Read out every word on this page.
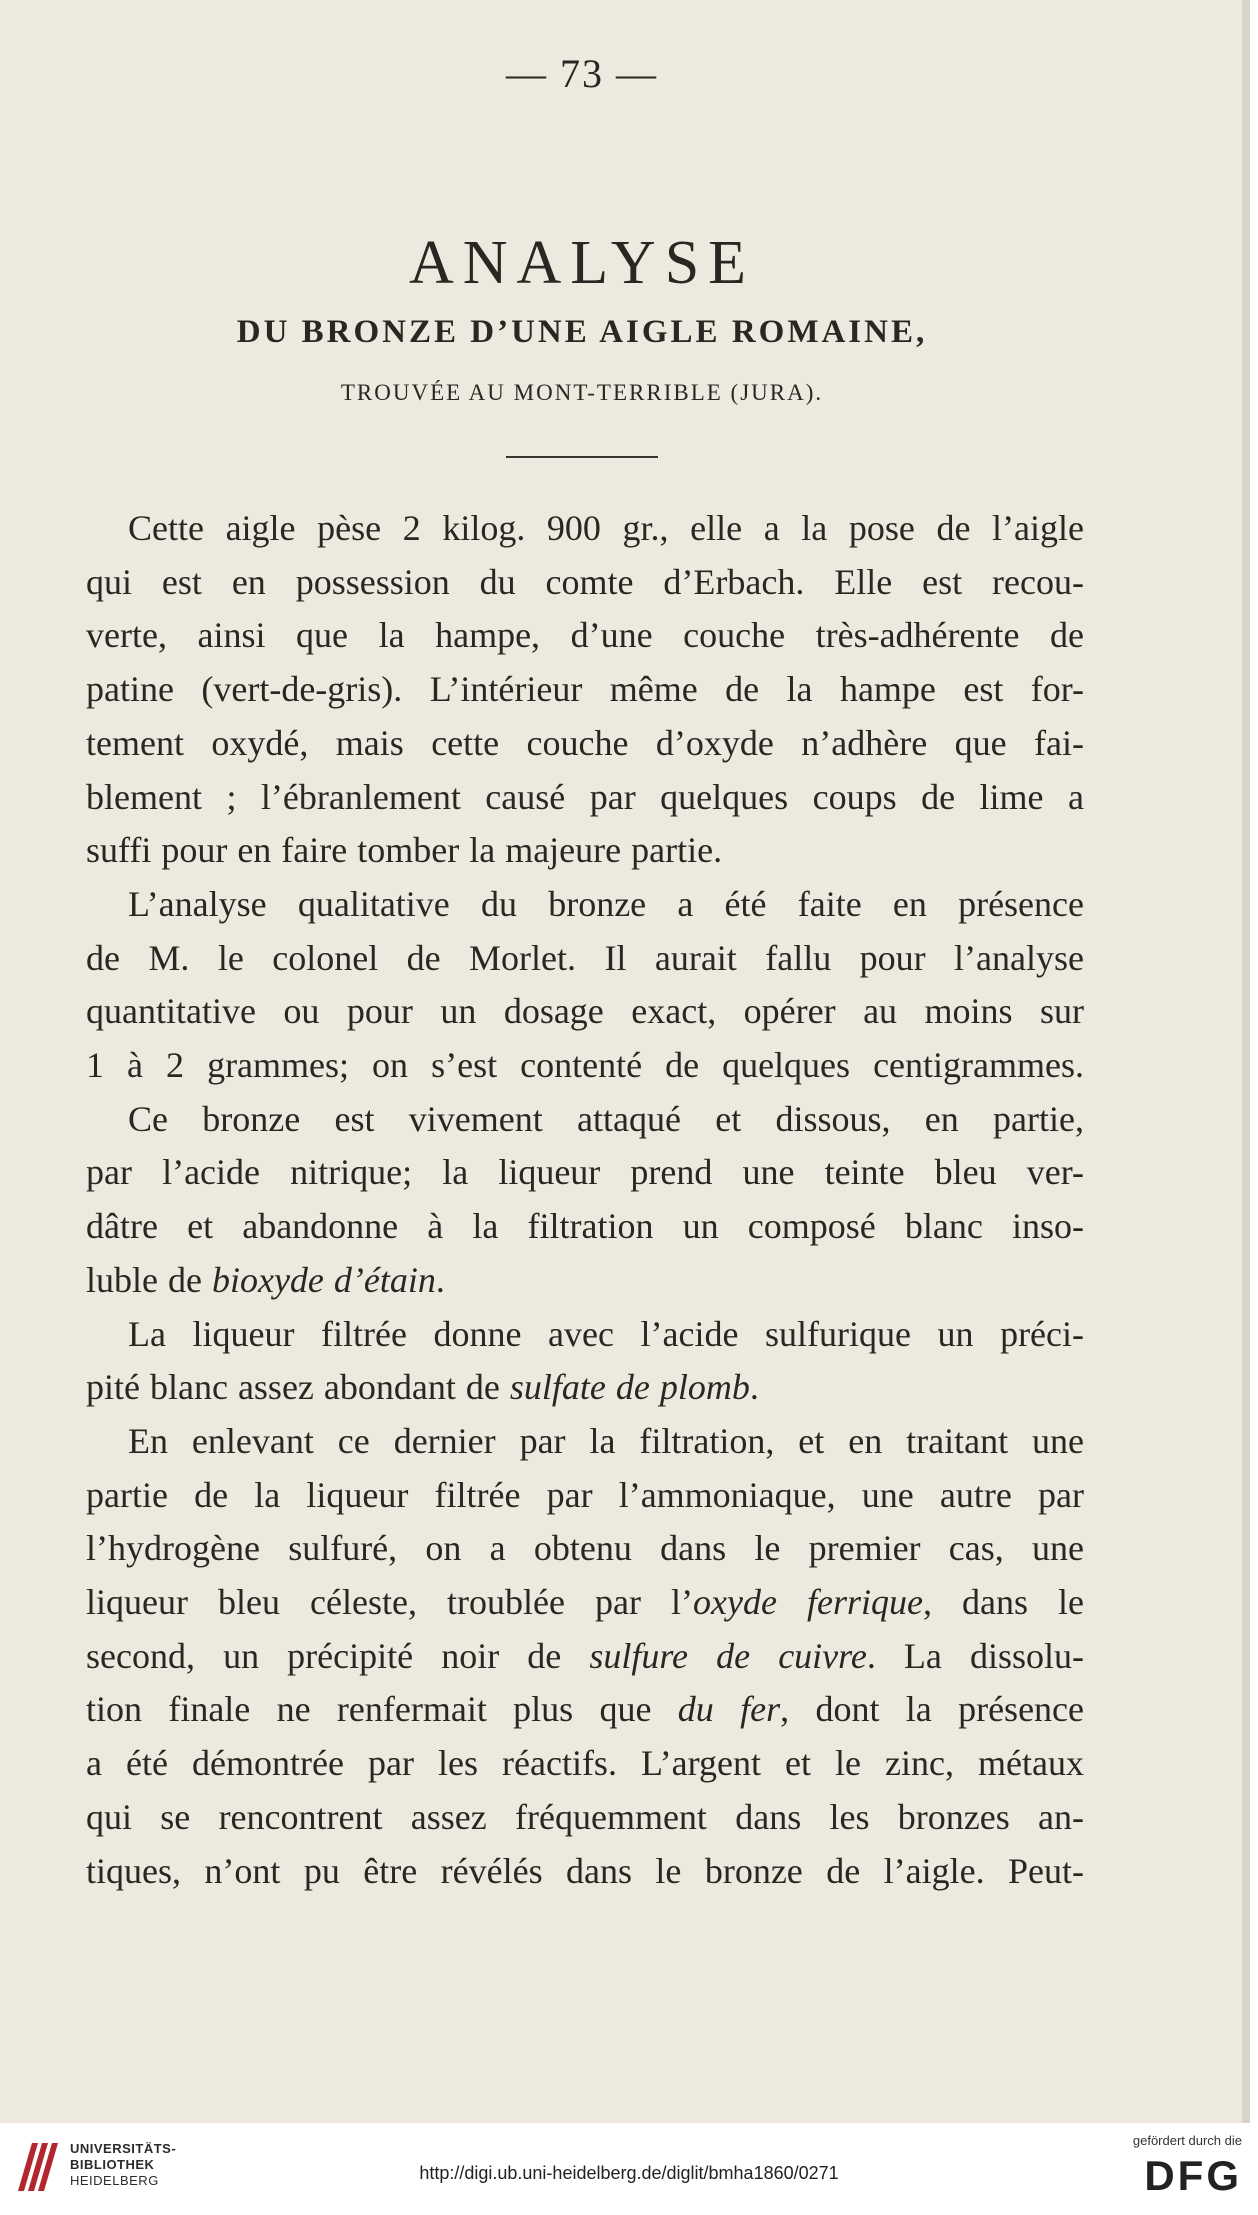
— 73 —
ANALYSE
DU BRONZE D’UNE AIGLE ROMAINE,
TROUVÉE AU MONT-TERRIBLE (JURA).
Cette aigle pèse 2 kilog. 900 gr., elle a la pose de l’aigle
qui est en possession du comte d’Erbach. Elle est recou-
verte, ainsi que la hampe, d’une couche très-adhérente de
patine (vert-de-gris). L’intérieur même de la hampe est for-
tement oxydé, mais cette couche d’oxyde n’adhère que fai-
blement ; l’ébranlement causé par quelques coups de lime a
suffi pour en faire tomber la majeure partie.
L’analyse qualitative du bronze a été faite en présence
de M. le colonel de Morlet. Il aurait fallu pour l’analyse
quantitative ou pour un dosage exact, opérer au moins sur
1 à 2 grammes; on s’est contenté de quelques centigrammes.
Ce bronze est vivement attaqué et dissous, en partie,
par l’acide nitrique; la liqueur prend une teinte bleu ver-
dâtre et abandonne à la filtration un composé blanc inso-
luble de bioxyde d’étain.
La liqueur filtrée donne avec l’acide sulfurique un préci-
pité blanc assez abondant de sulfate de plomb.
En enlevant ce dernier par la filtration, et en traitant une
partie de la liqueur filtrée par l’ammoniaque, une autre par
l’hydrogène sulfuré, on a obtenu dans le premier cas, une
liqueur bleu céleste, troublée par l’oxyde ferrique, dans le
second, un précipité noir de sulfure de cuivre. La dissolu-
tion finale ne renfermait plus que du fer, dont la présence
a été démontrée par les réactifs. L’argent et le zinc, métaux
qui se rencontrent assez fréquemment dans les bronzes an-
tiques, n’ont pu être révélés dans le bronze de l’aigle. Peut-
UNIVERSITÄTS-
BIBLIOTHEK
HEIDELBERG	http://digi.ub.uni-heidelberg.de/diglit/bmha1860/0271
gefördert durch die
DFG
